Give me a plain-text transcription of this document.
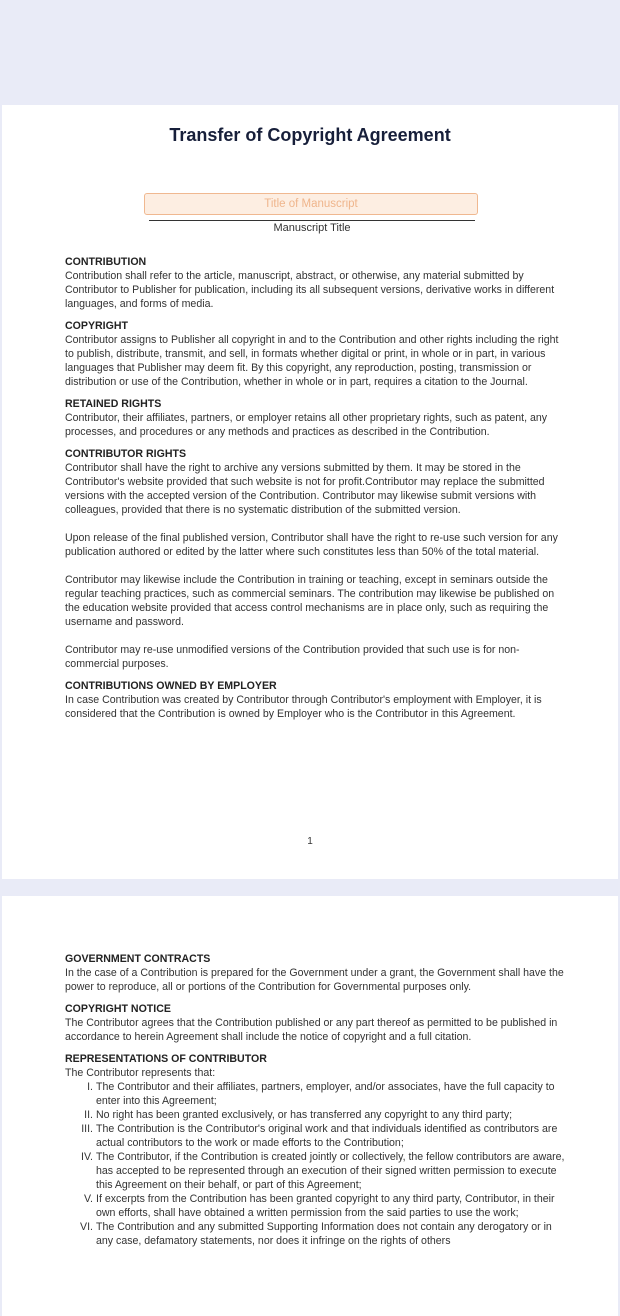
Transfer of Copyright Agreement
Title of Manuscript
Manuscript Title
CONTRIBUTION

Contribution shall refer to the article, manuscript, abstract, or otherwise, any material submitted by Contributor to Publisher for publication, including its all subsequent versions, derivative works in different languages, and forms of media.

COPYRIGHT

Contributor assigns to Publisher all copyright in and to the Contribution and other rights including the right to publish, distribute, transmit, and sell, in formats whether digital or print, in whole or in part, in various languages that Publisher may deem fit. By this copyright, any reproduction, posting, transmission or distribution or use of the Contribution, whether in whole or in part, requires a citation to the Journal.

RETAINED RIGHTS

Contributor, their affiliates, partners, or employer retains all other proprietary rights, such as patent, any processes, and procedures or any methods and practices as described in the Contribution.

CONTRIBUTOR RIGHTS

Contributor shall have the right to archive any versions submitted by them. It may be stored in the Contributor's website provided that such website is not for profit.Contributor may replace the submitted versions with the accepted version of the Contribution. Contributor may likewise submit versions with colleagues, provided that there is no systematic distribution of the submitted version.

Upon release of the final published version, Contributor shall have the right to re-use such version for any publication authored or edited by the latter where such constitutes less than 50% of the total material.

Contributor may likewise include the Contribution in training or teaching, except in seminars outside the regular teaching practices, such as commercial seminars. The contribution may likewise be published on the education website provided that access control mechanisms are in place only, such as requiring the username and password.

Contributor may re-use unmodified versions of the Contribution provided that such use is for non-commercial purposes.

CONTRIBUTIONS OWNED BY EMPLOYER

In case Contribution was created by Contributor through Contributor's employment with Employer, it is considered that the Contribution is owned by Employer who is the Contributor in this Agreement.

1
GOVERNMENT CONTRACTS

In the case of a Contribution is prepared for the Government under a grant, the Government shall have the power to reproduce, all or portions of the Contribution for Governmental purposes only.

COPYRIGHT NOTICE

The Contributor agrees that the Contribution published or any part thereof as permitted to be published in accordance to herein Agreement shall include the notice of copyright and a full citation.

REPRESENTATIONS OF CONTRIBUTOR

The Contributor represents that:

I. The Contributor and their affiliates, partners, employer, and/or associates, have the full capacity to enter into this Agreement;
II. No right has been granted exclusively, or has transferred any copyright to any third party;
III. The Contribution is the Contributor's original work and that individuals identified as contributors are actual contributors to the work or made efforts to the Contribution;
IV. The Contributor, if the Contribution is created jointly or collectively, the fellow contributors are aware, has accepted to be represented through an execution of their signed written permission to execute this Agreement on their behalf, or part of this Agreement;
V. If excerpts from the Contribution has been granted copyright to any third party, Contributor, in their own efforts, shall have obtained a written permission from the said parties to use the work;
VI. The Contribution and any submitted Supporting Information does not contain any derogatory or in any case, defamatory statements, nor does it infringe on the rights of others
